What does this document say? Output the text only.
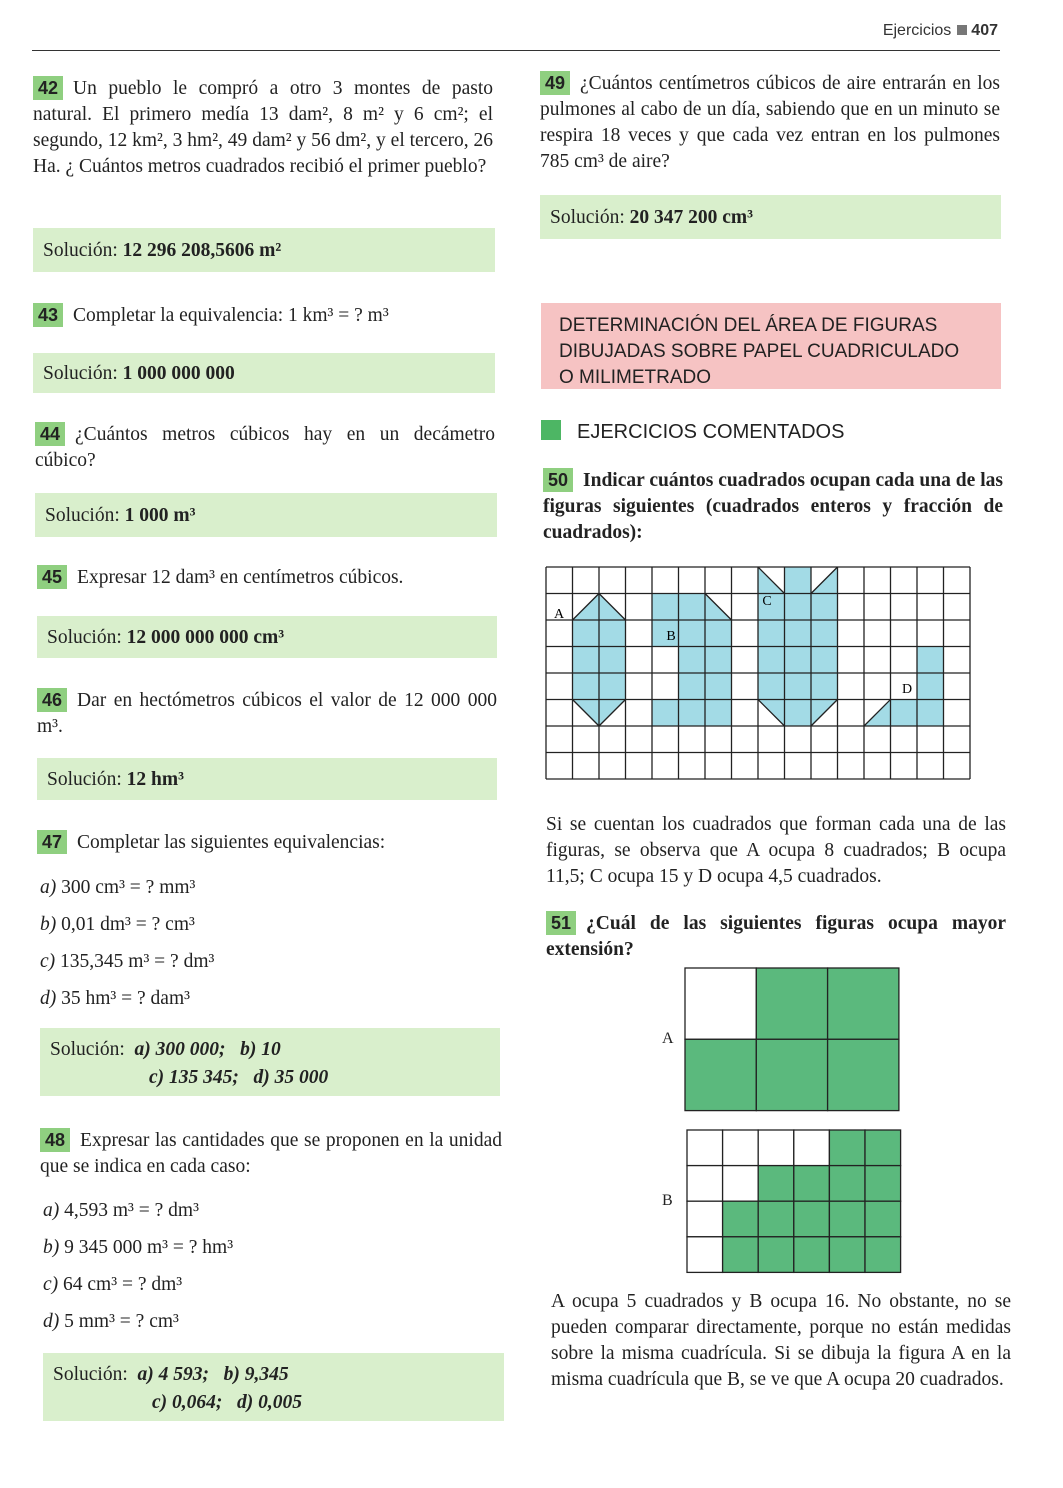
Ejercicios 407
42 Un pueblo le compró a otro 3 montes de pasto natural. El primero medía 13 dam², 8 m² y 6 cm²; el segundo, 12 km², 3 hm², 49 dam² y 56 dm², y el tercero, 26 Ha. ¿ Cuántos metros cuadrados recibió el primer pueblo?
Solución: 12 296 208,5606 m²
43 Completar la equivalencia: 1 km³ = ? m³
Solución: 1 000 000 000
44 ¿Cuántos metros cúbicos hay en un decámetro cúbico?
Solución: 1 000 m³
45 Expresar 12 dam³ en centímetros cúbicos.
Solución: 12 000 000 000 cm³
46 Dar en hectómetros cúbicos el valor de 12 000 000 m³.
Solución: 12 hm³
47 Completar las siguientes equivalencias:
a) 300 cm³ = ? mm³
b) 0,01 dm³ = ? cm³
c) 135,345 m³ = ? dm³
d) 35 hm³ = ? dam³
Solución: a) 300 000;   b) 10
c) 135 345;   d) 35 000
48 Expresar las cantidades que se proponen en la unidad que se indica en cada caso:
a) 4,593 m³ = ? dm³
b) 9 345 000 m³ = ? hm³
c) 64 cm³ = ? dm³
d) 5 mm³ = ? cm³
Solución: a) 4 593;   b) 9,345
c) 0,064;   d) 0,005
49 ¿Cuántos centímetros cúbicos de aire entrarán en los pulmones al cabo de un día, sabiendo que en un minuto se respira 18 veces y que cada vez entran en los pulmones 785 cm³ de aire?
Solución: 20 347 200 cm³
DETERMINACIÓN DEL ÁREA DE FIGURAS
DIBUJADAS SOBRE PAPEL CUADRICULADO
O MILIMETRADO
EJERCICIOS COMENTADOS
50 Indicar cuántos cuadrados ocupan cada una de las figuras siguientes (cuadrados enteros y fracción de cuadrados):
A
B
C
D
Si se cuentan los cuadrados que forman cada una de las figuras, se observa que A ocupa 8 cuadrados; B ocupa 11,5; C ocupa 15 y D ocupa 4,5 cuadrados.
51 ¿Cuál de las siguientes figuras ocupa mayor extensión?
A
B
A ocupa 5 cuadrados y B ocupa 16. No obstante, no se pueden comparar directamente, porque no están medidas sobre la misma cuadrícula. Si se dibuja la figura A en la misma cuadrícula que B, se ve que A ocupa 20 cuadrados.
